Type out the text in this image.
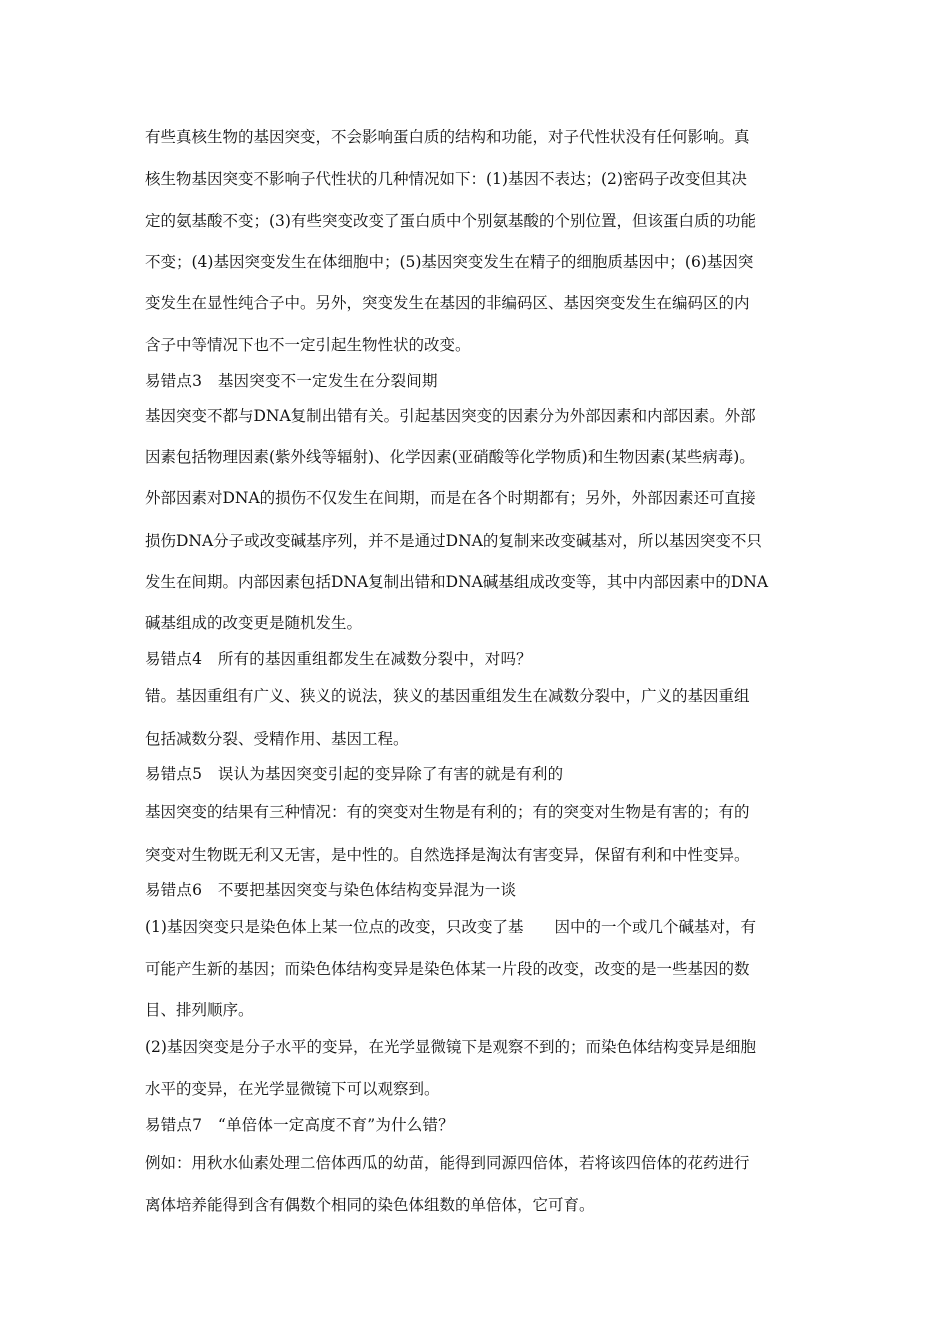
有些真核生物的基因突变，不会影响蛋白质的结构和功能，对子代性状没有任何影响。真
核生物基因突变不影响子代性状的几种情况如下：(1)基因不表达；(2)密码子改变但其决
定的氨基酸不变；(3)有些突变改变了蛋白质中个别氨基酸的个别位置，但该蛋白质的功能
不变；(4)基因突变发生在体细胞中；(5)基因突变发生在精子的细胞质基因中；(6)基因突
变发生在显性纯合子中。另外，突变发生在基因的非编码区、基因突变发生在编码区的内
含子中等情况下也不一定引起生物性状的改变。
易错点3　基因突变不一定发生在分裂间期
基因突变不都与DNA复制出错有关。引起基因突变的因素分为外部因素和内部因素。外部
因素包括物理因素(紫外线等辐射)、化学因素(亚硝酸等化学物质)和生物因素(某些病毒)。
外部因素对DNA的损伤不仅发生在间期，而是在各个时期都有；另外，外部因素还可直接
损伤DNA分子或改变碱基序列，并不是通过DNA的复制来改变碱基对，所以基因突变不只
发生在间期。内部因素包括DNA复制出错和DNA碱基组成改变等，其中内部因素中的DNA
碱基组成的改变更是随机发生。
易错点4　所有的基因重组都发生在减数分裂中，对吗？
错。基因重组有广义、狭义的说法，狭义的基因重组发生在减数分裂中，广义的基因重组
包括减数分裂、受精作用、基因工程。
易错点5　误认为基因突变引起的变异除了有害的就是有利的
基因突变的结果有三种情况：有的突变对生物是有利的；有的突变对生物是有害的；有的
突变对生物既无利又无害，是中性的。自然选择是淘汰有害变异，保留有利和中性变异。
易错点6　不要把基因突变与染色体结构变异混为一谈
(1)基因突变只是染色体上某一位点的改变，只改变了基　　因中的一个或几个碱基对，有
可能产生新的基因；而染色体结构变异是染色体某一片段的改变，改变的是一些基因的数
目、排列顺序。
(2)基因突变是分子水平的变异，在光学显微镜下是观察不到的；而染色体结构变异是细胞
水平的变异，在光学显微镜下可以观察到。
易错点7　“单倍体一定高度不育”为什么错？
例如：用秋水仙素处理二倍体西瓜的幼苗，能得到同源四倍体，若将该四倍体的花药进行
离体培养能得到含有偶数个相同的染色体组数的单倍体，它可育。
